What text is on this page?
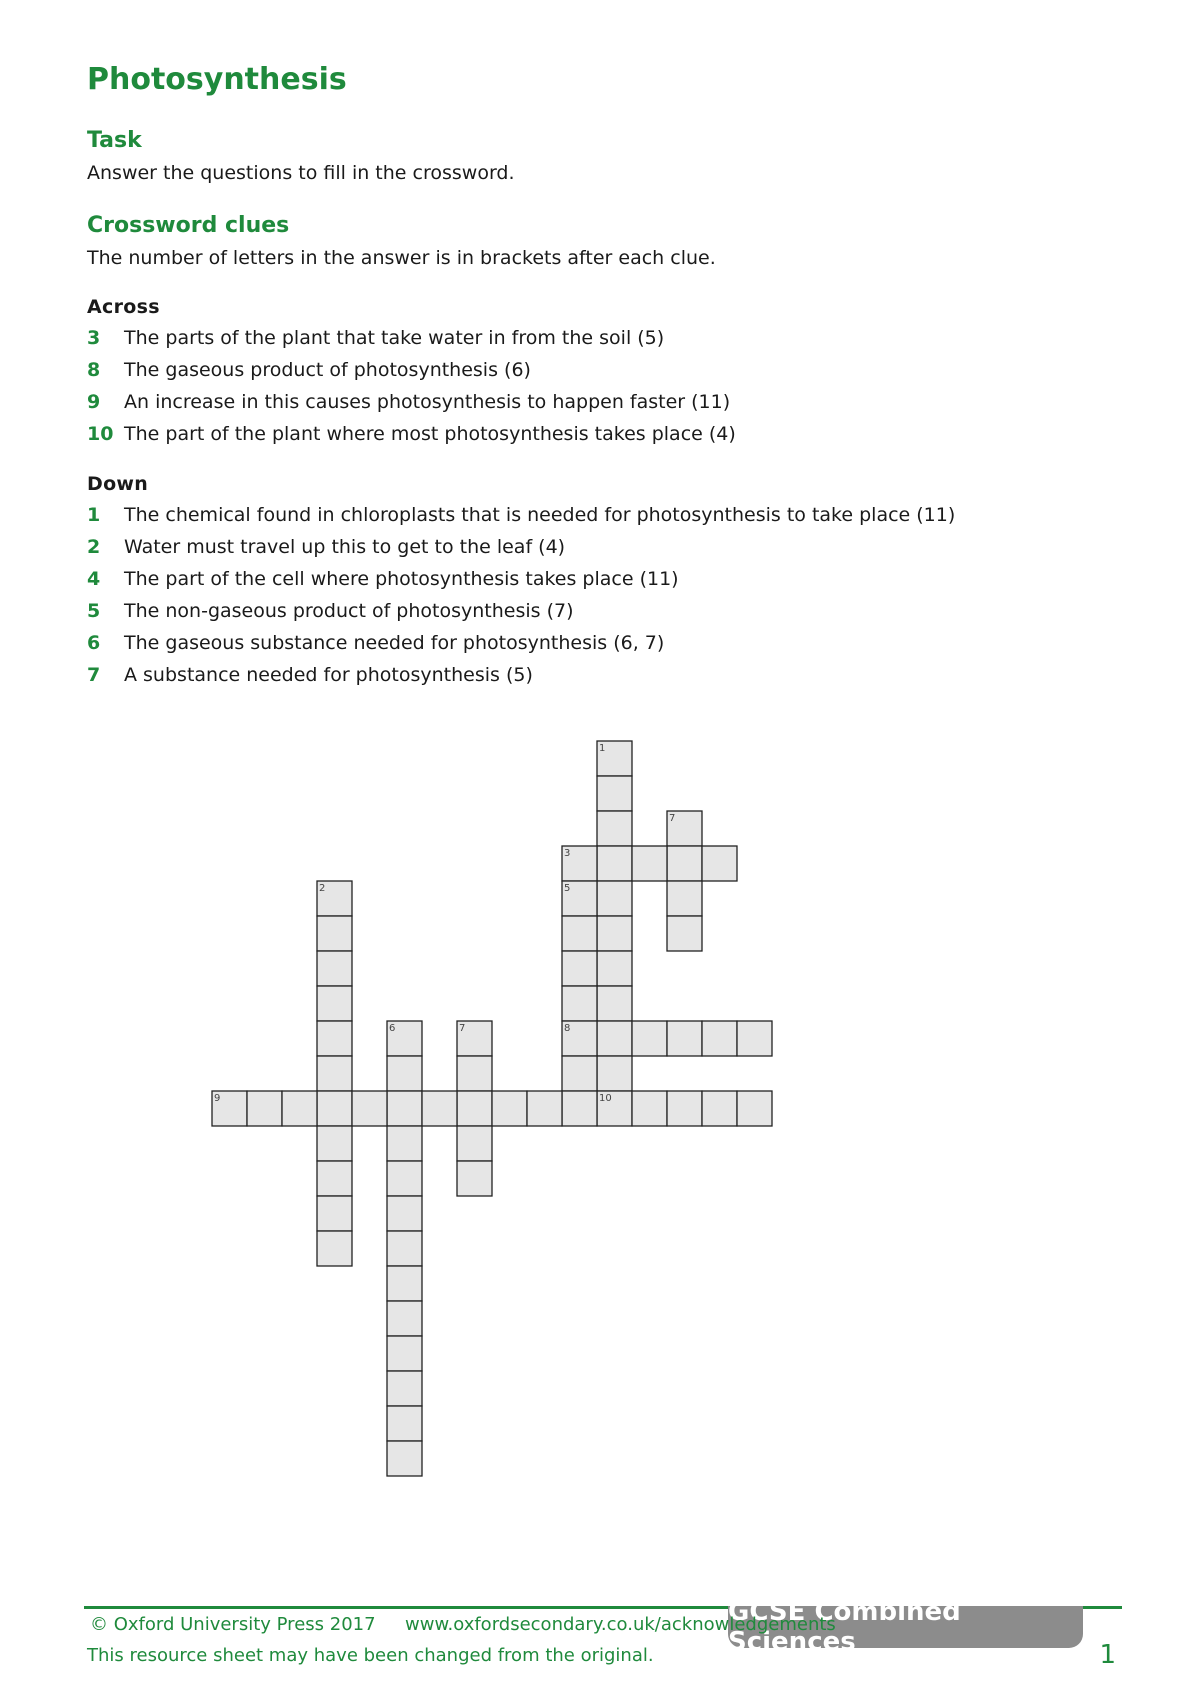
Photosynthesis
Task

Answer the questions to fill in the crossword.

Crossword clues

The number of letters in the answer is in brackets after each clue.

Across
3	The parts of the plant that take water in from the soil (5)
8	The gaseous product of photosynthesis (6)
9	An increase in this causes photosynthesis to happen faster (11)
10 The part of the plant where most photosynthesis takes place (4)
Down
1	The chemical found in chloroplasts that is needed for photosynthesis to take place (11)
2	Water must travel up this to get to the leaf (4)
4	The part of the cell where photosynthesis takes place (11)
5	The non-gaseous product of photosynthesis (7)
6	The gaseous substance needed for photosynthesis (6, 7)
7	A substance needed for photosynthesis (5)
1
7
3
2	5
6	7	8
9	10
GCSE Combined Sciences
© Oxford University Press 2017 www.oxfordsecondary.co.uk/acknowledgements
This resource sheet may have been changed from the original.	1
